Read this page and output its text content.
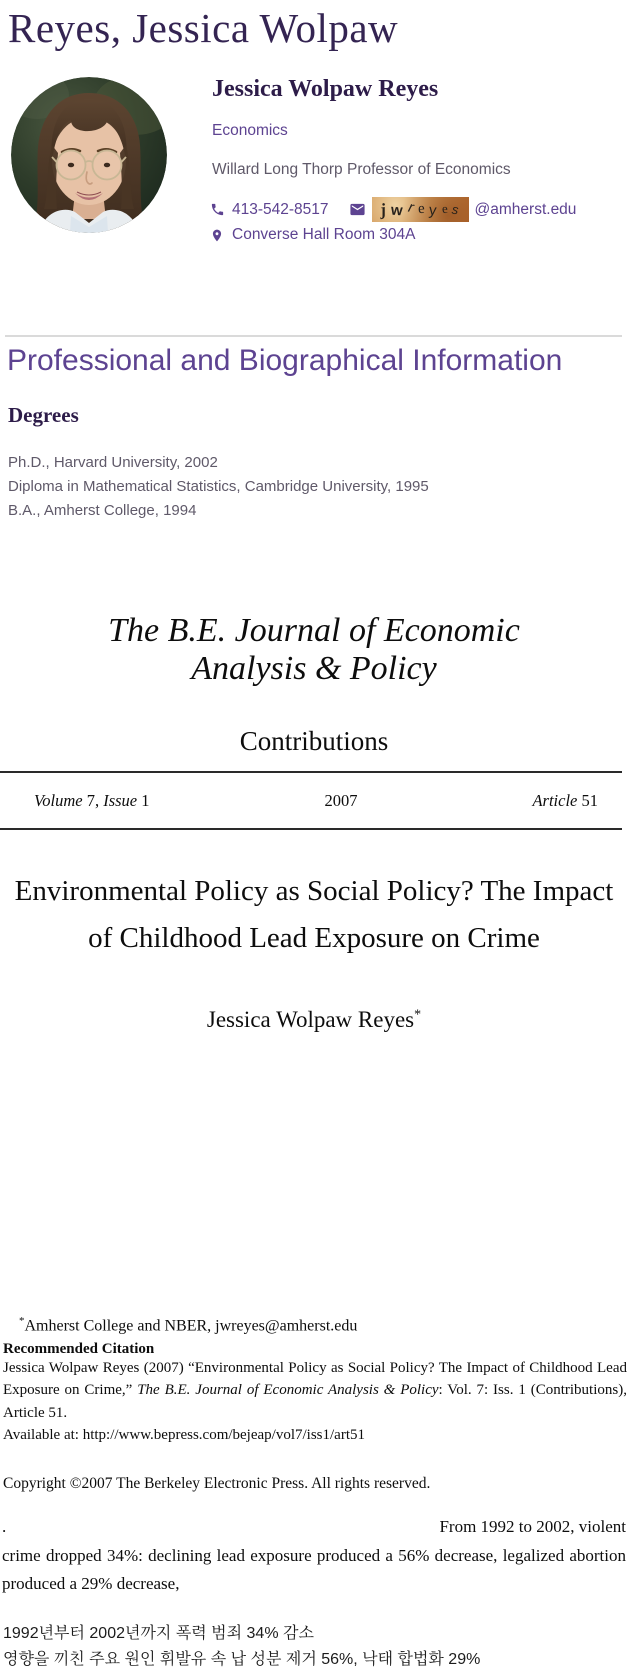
Reyes, Jessica Wolpaw
Jessica Wolpaw Reyes
Economics
Willard Long Thorp Professor of Economics
413-542-8517	j w r e y e s @amherst.edu
Converse Hall Room 304A
Professional and Biographical Information
Degrees
Ph.D., Harvard University, 2002
Diploma in Mathematical Statistics, Cambridge University, 1995
B.A., Amherst College, 1994
The B.E. Journal of Economic Analysis & Policy
Contributions
Volume 7, Issue 1	2007	Article 51
Environmental Policy as Social Policy? The Impact of Childhood Lead Exposure on Crime
Jessica Wolpaw Reyes*
*Amherst College and NBER, jwreyes@amherst.edu
Recommended Citation
Jessica Wolpaw Reyes (2007) “Environmental Policy as Social Policy? The Impact of Childhood Lead Exposure on Crime,” The B.E. Journal of Economic Analysis & Policy: Vol. 7: Iss. 1 (Contributions), Article 51.
Available at: http://www.bepress.com/bejeap/vol7/iss1/art51
Copyright ©2007 The Berkeley Electronic Press. All rights reserved.
.	From 1992 to 2002, violent
crime dropped 34%: declining lead exposure produced a 56% decrease, legalized abortion produced a 29% decrease,
1992년부터 2002년까지 폭력 범죄 34% 감소
영향을 끼친 주요 원인 휘발유 속 납 성분 제거 56%, 낙태 합법화 29%
